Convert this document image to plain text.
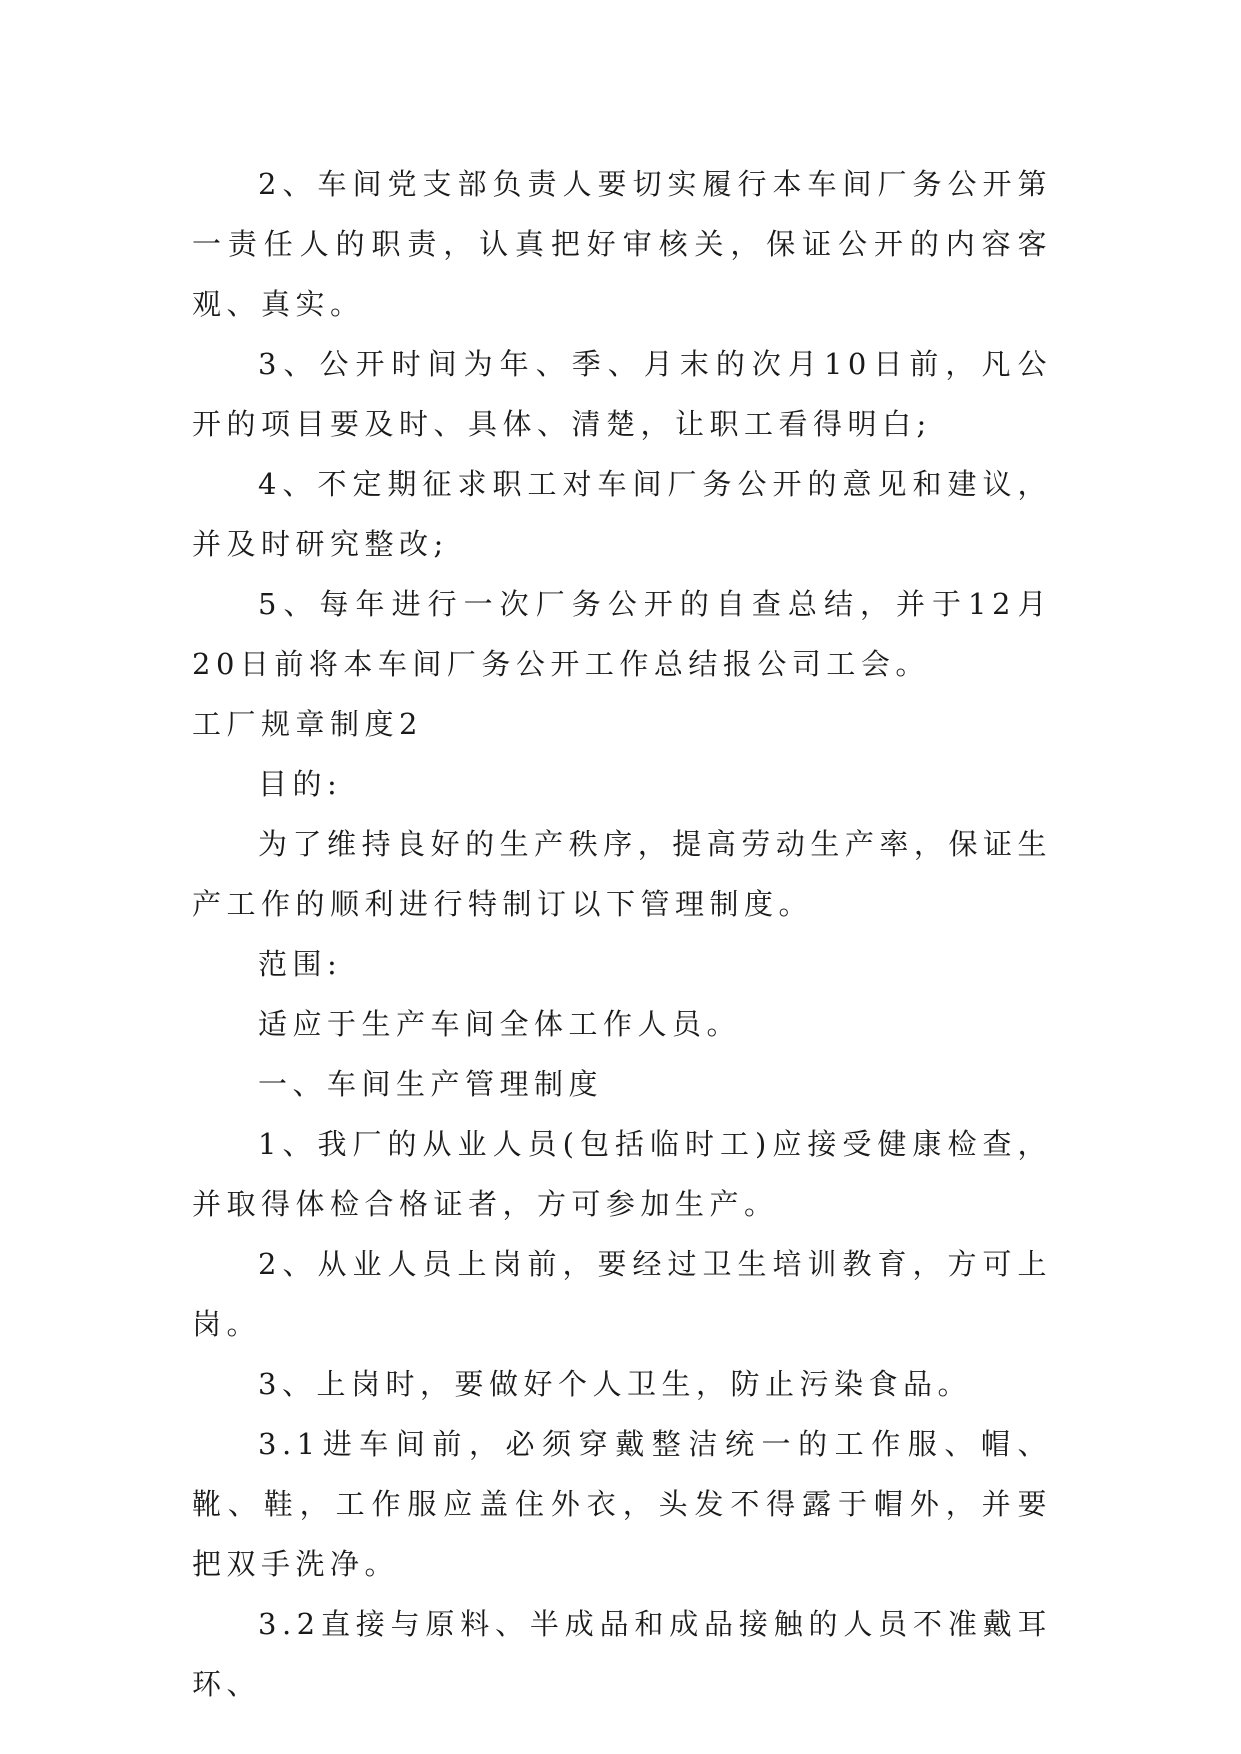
2、车间党支部负责人要切实履行本车间厂务公开第一责任人的职责，认真把好审核关，保证公开的内容客观、真实。

3、公开时间为年、季、月末的次月10日前，凡公开的项目要及时、具体、清楚，让职工看得明白;

4、不定期征求职工对车间厂务公开的意见和建议，并及时研究整改;

5、每年进行一次厂务公开的自查总结，并于12月20日前将本车间厂务公开工作总结报公司工会。

工厂规章制度2

目的:

为了维持良好的生产秩序，提高劳动生产率，保证生产工作的顺利进行特制订以下管理制度。

范围:

适应于生产车间全体工作人员。

一、车间生产管理制度

1、我厂的从业人员(包括临时工)应接受健康检查，并取得体检合格证者，方可参加生产。

2、从业人员上岗前，要经过卫生培训教育，方可上岗。

3、上岗时，要做好个人卫生，防止污染食品。

3.1进车间前，必须穿戴整洁统一的工作服、帽、靴、鞋，工作服应盖住外衣，头发不得露于帽外，并要把双手洗净。

3.2直接与原料、半成品和成品接触的人员不准戴耳环、
